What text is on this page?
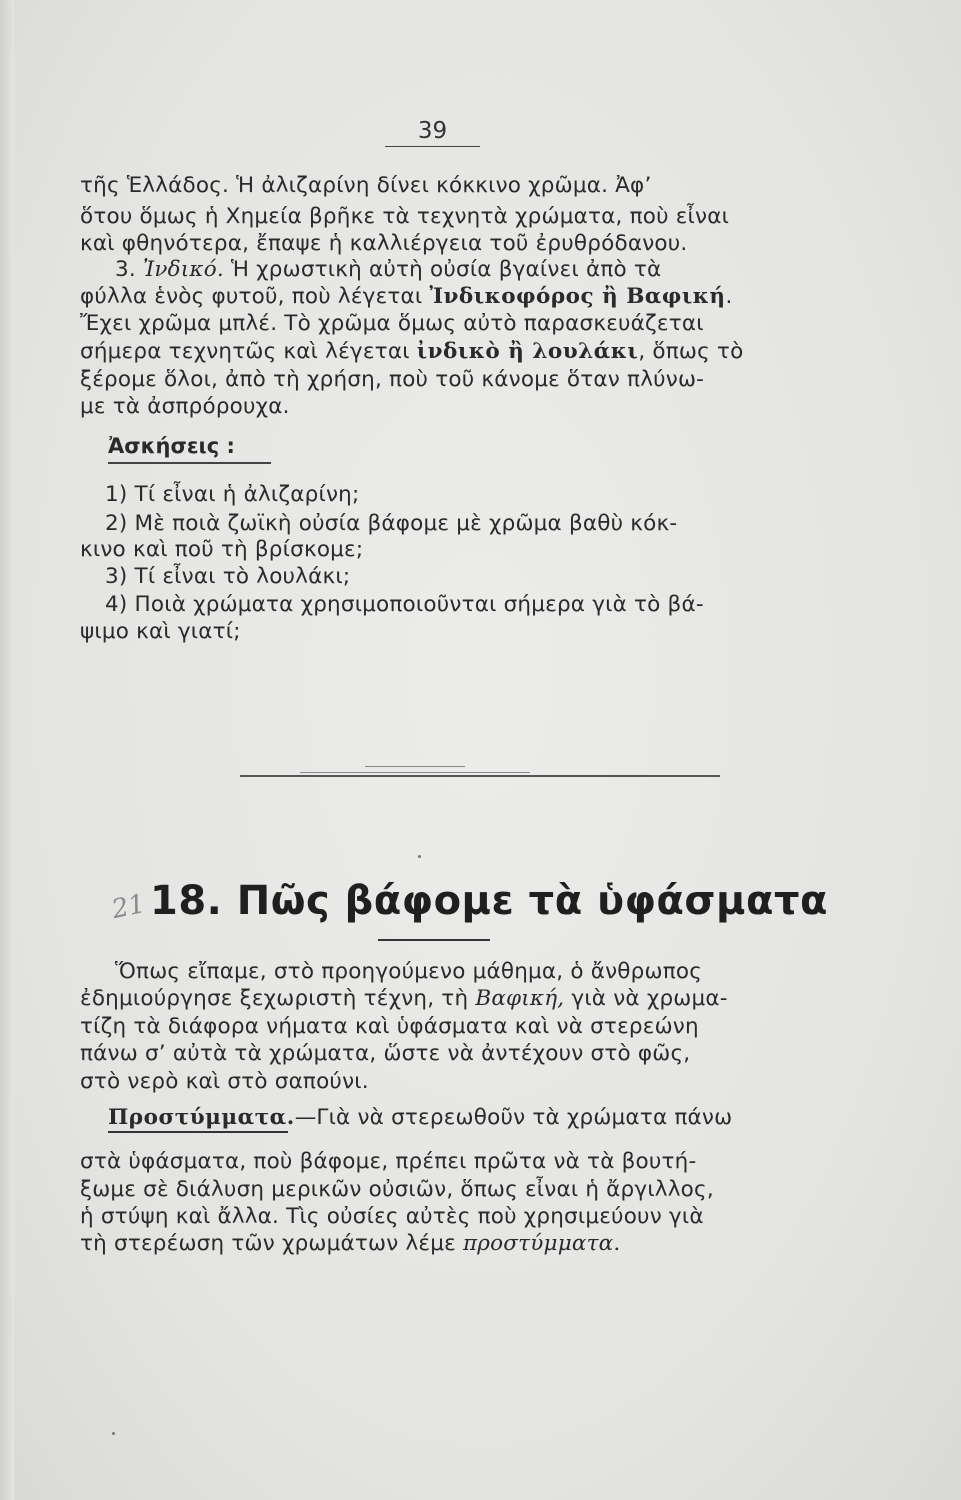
39
τῆς Ἑλλάδος. Ἡ ἀλιζαρίνη δίνει κόκκινο χρῶμα. Ἀφ’
ὅτου ὅμως ἡ Χημεία βρῆκε τὰ τεχνητὰ χρώματα, ποὺ εἶναι
καὶ φθηνότερα, ἔπαψε ἡ καλλιέργεια τοῦ ἐρυθρόδανου.
3. Ἰνδικό. Ἡ χρωστικὴ αὐτὴ οὐσία βγαίνει ἀπὸ τὰ
φύλλα ἑνὸς φυτοῦ, ποὺ λέγεται Ἰνδικοφόρος ἢ Βαφική.
Ἔχει χρῶμα μπλέ. Τὸ χρῶμα ὅμως αὐτὸ παρασκευάζεται
σήμερα τεχνητῶς καὶ λέγεται ἰνδικὸ ἢ λουλάκι, ὅπως τὸ
ξέρομε ὅλοι, ἀπὸ τὴ χρήση, ποὺ τοῦ κάνομε ὅταν πλύνω-
με τὰ ἀσπρόρουχα.
Ἀσκήσεις :
1) Τί εἶναι ἡ ἀλιζαρίνη;
2) Μὲ ποιὰ ζωϊκὴ οὐσία βάφομε μὲ χρῶμα βαθὺ κόκ-
κινο καὶ ποῦ τὴ βρίσκομε;
3) Τί εἶναι τὸ λουλάκι;
4) Ποιὰ χρώματα χρησιμοποιοῦνται σήμερα γιὰ τὸ βά-
ψιμο καὶ γιατί;
21 18. Πῶς βάφομε τὰ ὑφάσματα
Ὅπως εἴπαμε, στὸ προηγούμενο μάθημα, ὁ ἄνθρωπος
ἐδημιούργησε ξεχωριστὴ τέχνη, τὴ Βαφική, γιὰ νὰ χρωμα-
τίζη τὰ διάφορα νήματα καὶ ὑφάσματα καὶ νὰ στερεώνη
πάνω σ’ αὐτὰ τὰ χρώματα, ὥστε νὰ ἀντέχουν στὸ φῶς,
στὸ νερὸ καὶ στὸ σαπούνι.
Προστύμματα.—Γιὰ νὰ στερεωθοῦν τὰ χρώματα πάνω
στὰ ὑφάσματα, ποὺ βάφομε, πρέπει πρῶτα νὰ τὰ βουτή-
ξωμε σὲ διάλυση μερικῶν οὐσιῶν, ὅπως εἶναι ἡ ἄργιλλος,
ἡ στύψη καὶ ἄλλα. Τὶς οὐσίες αὐτὲς ποὺ χρησιμεύουν γιὰ
τὴ στερέωση τῶν χρωμάτων λέμε προστύμματα.
